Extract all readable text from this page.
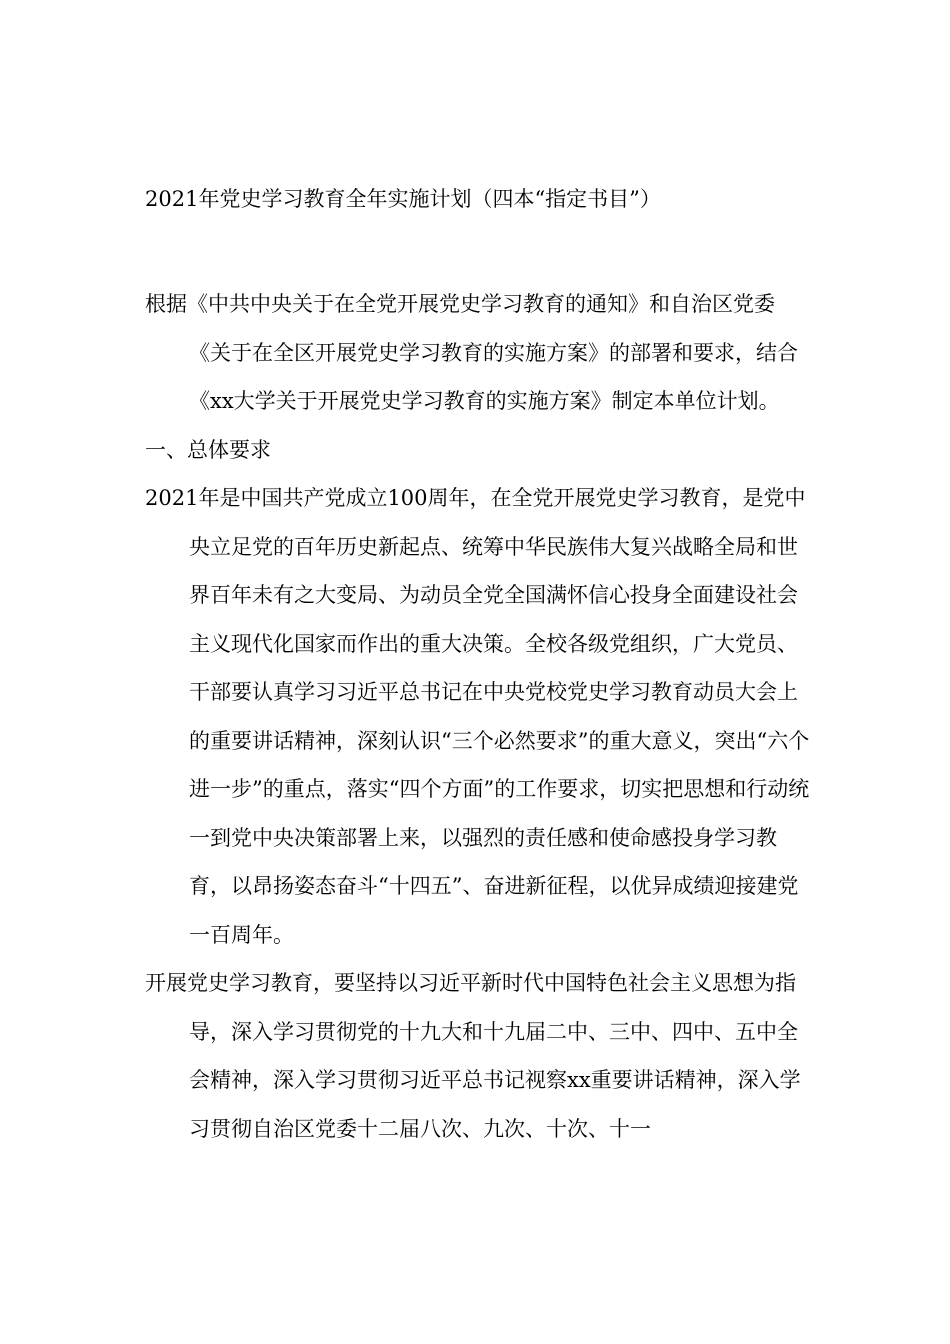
2021年党史学习教育全年实施计划（四本“指定书目”）

根据《中共中央关于在全党开展党史学习教育的通知》和自治区党委《关于在全区开展党史学习教育的实施方案》的部署和要求，结合《xx大学关于开展党史学习教育的实施方案》制定本单位计划。

一、总体要求

2021年是中国共产党成立100周年，在全党开展党史学习教育，是党中央立足党的百年历史新起点、统筹中华民族伟大复兴战略全局和世界百年未有之大变局、为动员全党全国满怀信心投身全面建设社会主义现代化国家而作出的重大决策。全校各级党组织，广大党员、干部要认真学习习近平总书记在中央党校党史学习教育动员大会上的重要讲话精神，深刻认识“三个必然要求”的重大意义，突出“六个进一步”的重点，落实“四个方面”的工作要求，切实把思想和行动统一到党中央决策部署上来，以强烈的责任感和使命感投身学习教育，以昂扬姿态奋斗“十四五”、奋进新征程，以优异成绩迎接建党一百周年。

开展党史学习教育，要坚持以习近平新时代中国特色社会主义思想为指导，深入学习贯彻党的十九大和十九届二中、三中、四中、五中全会精神，深入学习贯彻习近平总书记视察xx重要讲话精神，深入学习贯彻自治区党委十二届八次、九次、十次、十一
